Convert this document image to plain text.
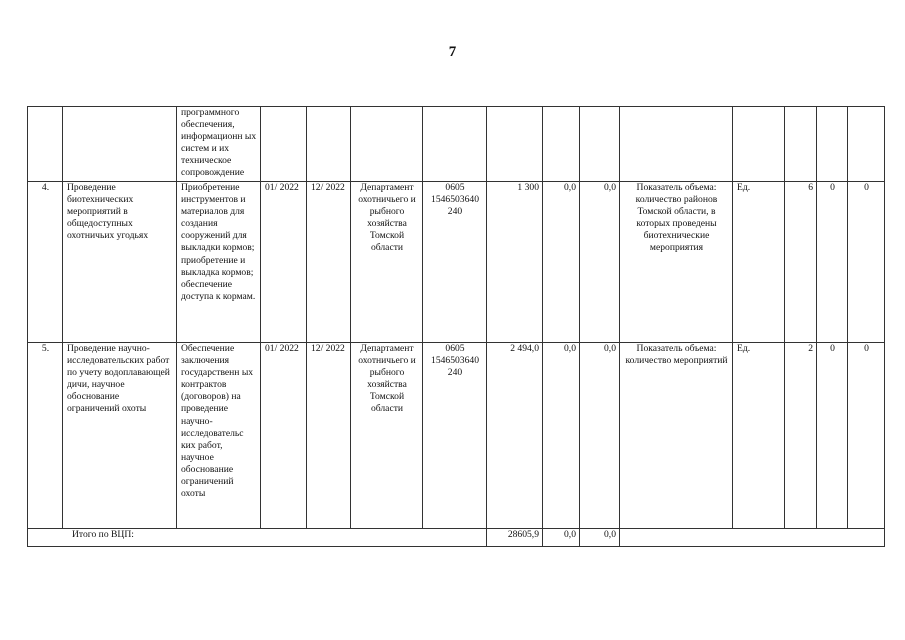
7
		программного обеспечения, информационн ых систем и их техническое сопровождение												
4.	Проведение биотехнических мероприятий в общедоступных охотничьих угодьях	Приобретение инструментов и материалов для создания сооружений для выкладки кормов; приобретение и выкладка кормов; обеспечение доступа к кормам.	01/ 2022	12/ 2022	Департамент охотничьего и рыбного хозяйства Томской области	0605 1546503640 240	1 300	0,0	0,0	Показатель объема: количество районов Томской области, в которых проведены биотехнические мероприятия	Ед.	6	0	0
5.	Проведение научно-исследовательских работ по учету водоплавающей дичи, научное обоснование ограничений охоты	Обеспечение заключения государственн ых контрактов (договоров) на проведение научно-исследовательс ких работ, научное обоснование ограничений охоты	01/ 2022	12/ 2022	Департамент охотничьего и рыбного хозяйства Томской области	0605 1546503640 240	2 494,0	0,0	0,0	Показатель объема: количество мероприятий	Ед.	2	0	0
Итого по ВЦП:							28605,9	0,0	0,0					
